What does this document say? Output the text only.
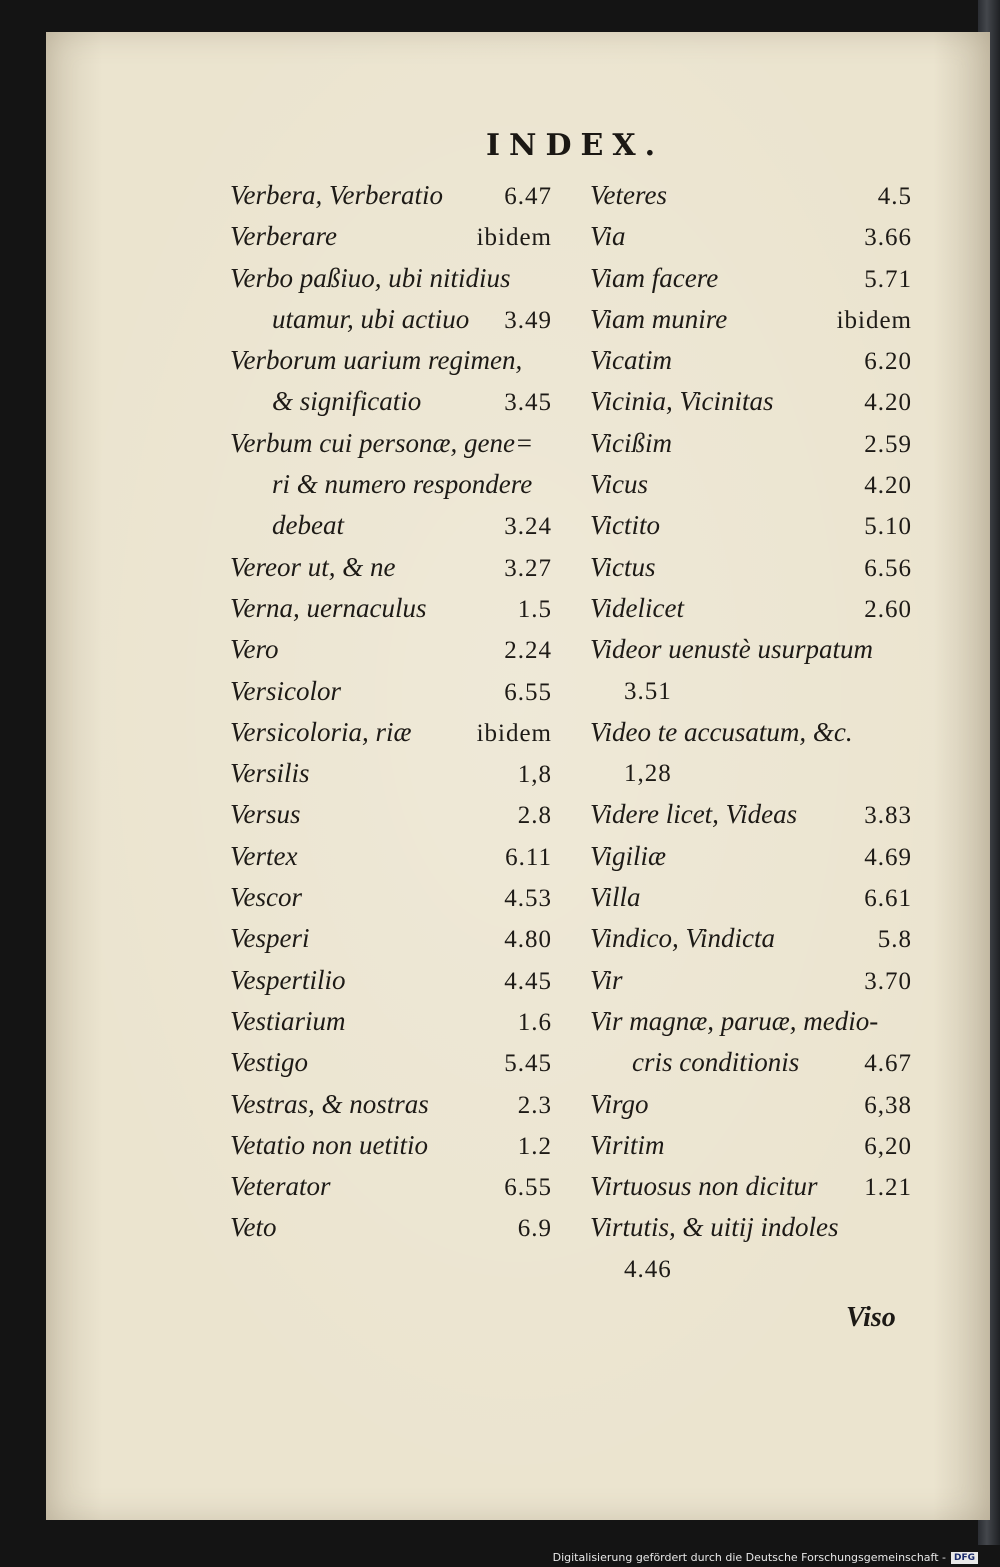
INDEX.
Verbera, Verberatio 6.47
Verberare	ibidem
Verbo paßiuo, ubi nitidius
utamur, ubi actiuo 3.49
Verborum uarium regimen,
& significatio	3.45
Verbum cui personæ, gene=
ri & numero respondere
debeat	3.24
Vereor ut, & ne	3.27
Verna, uernaculus	1.5
Vero	2.24
Versicolor	6.55
Versicoloria, riæ	ibidem
Versilis	1,8
Versus	2.8
Vertex	6.11
Vescor	4.53
Vesperi	4.80
Vespertilio	4.45
Vestiarium	1.6
Vestigo	5.45
Vestras, & nostras	2.3
Vetatio non uetitio	1.2
Veterator	6.55
Veto	6.9
Veteres	4.5
Via	3.66
Viam facere	5.71
Viam munire	ibidem
Vicatim	6.20
Vicinia, Vicinitas	4.20
Vicißim	2.59
Vicus	4.20
Victito	5.10
Victus	6.56
Videlicet	2.60
Videor uenustè usurpatum
3.51
Video te accusatum, &c.
1,28
Videre licet, Videas	3.83
Vigiliæ	4.69
Villa	6.61
Vindico, Vindicta	5.8
Vir	3.70
Vir magnæ, paruæ, medio-
cris conditionis	4.67
Virgo	6,38
Viritim	6,20
Virtuosus non dicitur 1.21
Virtutis, & uitij indoles
4.46
Viso
Digitalisierung gefördert durch die Deutsche Forschungsgemeinschaft - DFG
